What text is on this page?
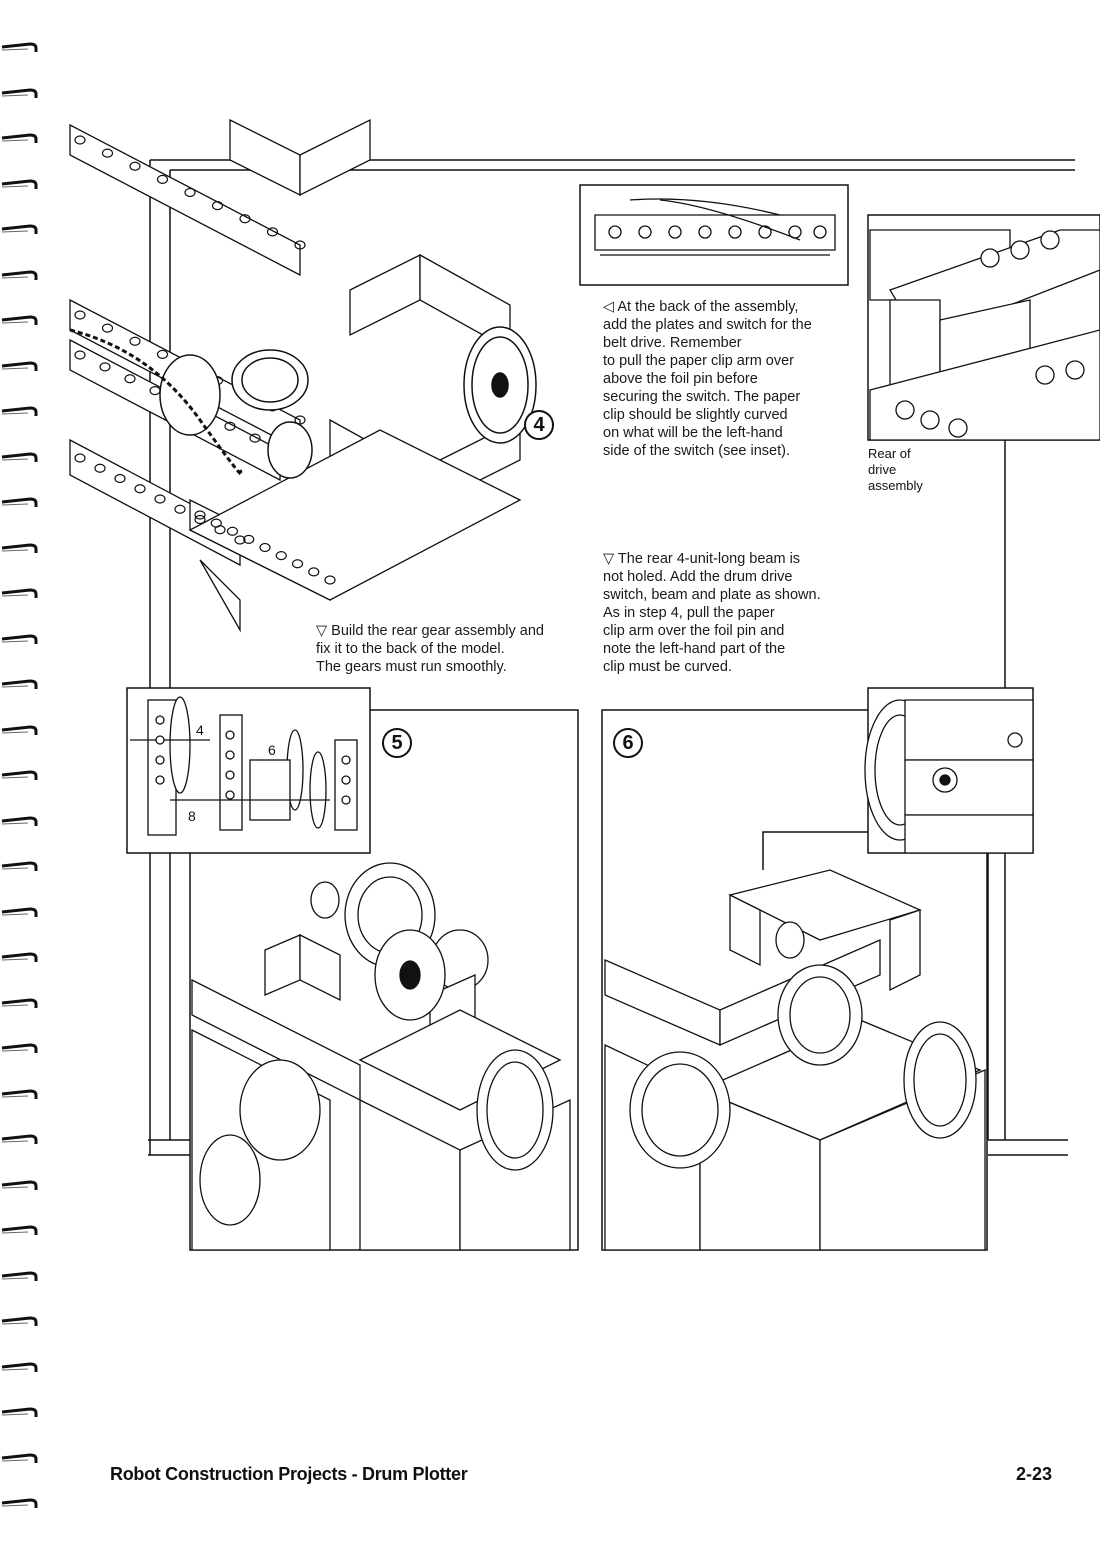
4
5	6
4
6
8
◁ At the back of the assembly,
add the plates and switch for the
belt drive. Remember
to pull the paper clip arm over
above the foil pin before
securing the switch. The paper
clip should be slightly curved
on what will be the left-hand
side of the switch (see inset).	Rear of
drive
assembly
▽ The rear 4-unit-long beam is
not holed. Add the drum drive
switch, beam and plate as shown.
As in step 4, pull the paper
clip arm over the foil pin and
note the left-hand part of the
clip must be curved.
▽ Build the rear gear assembly and
fix it to the back of the model.
The gears must run smoothly.
Robot Construction Projects - Drum Plotter	2-23
